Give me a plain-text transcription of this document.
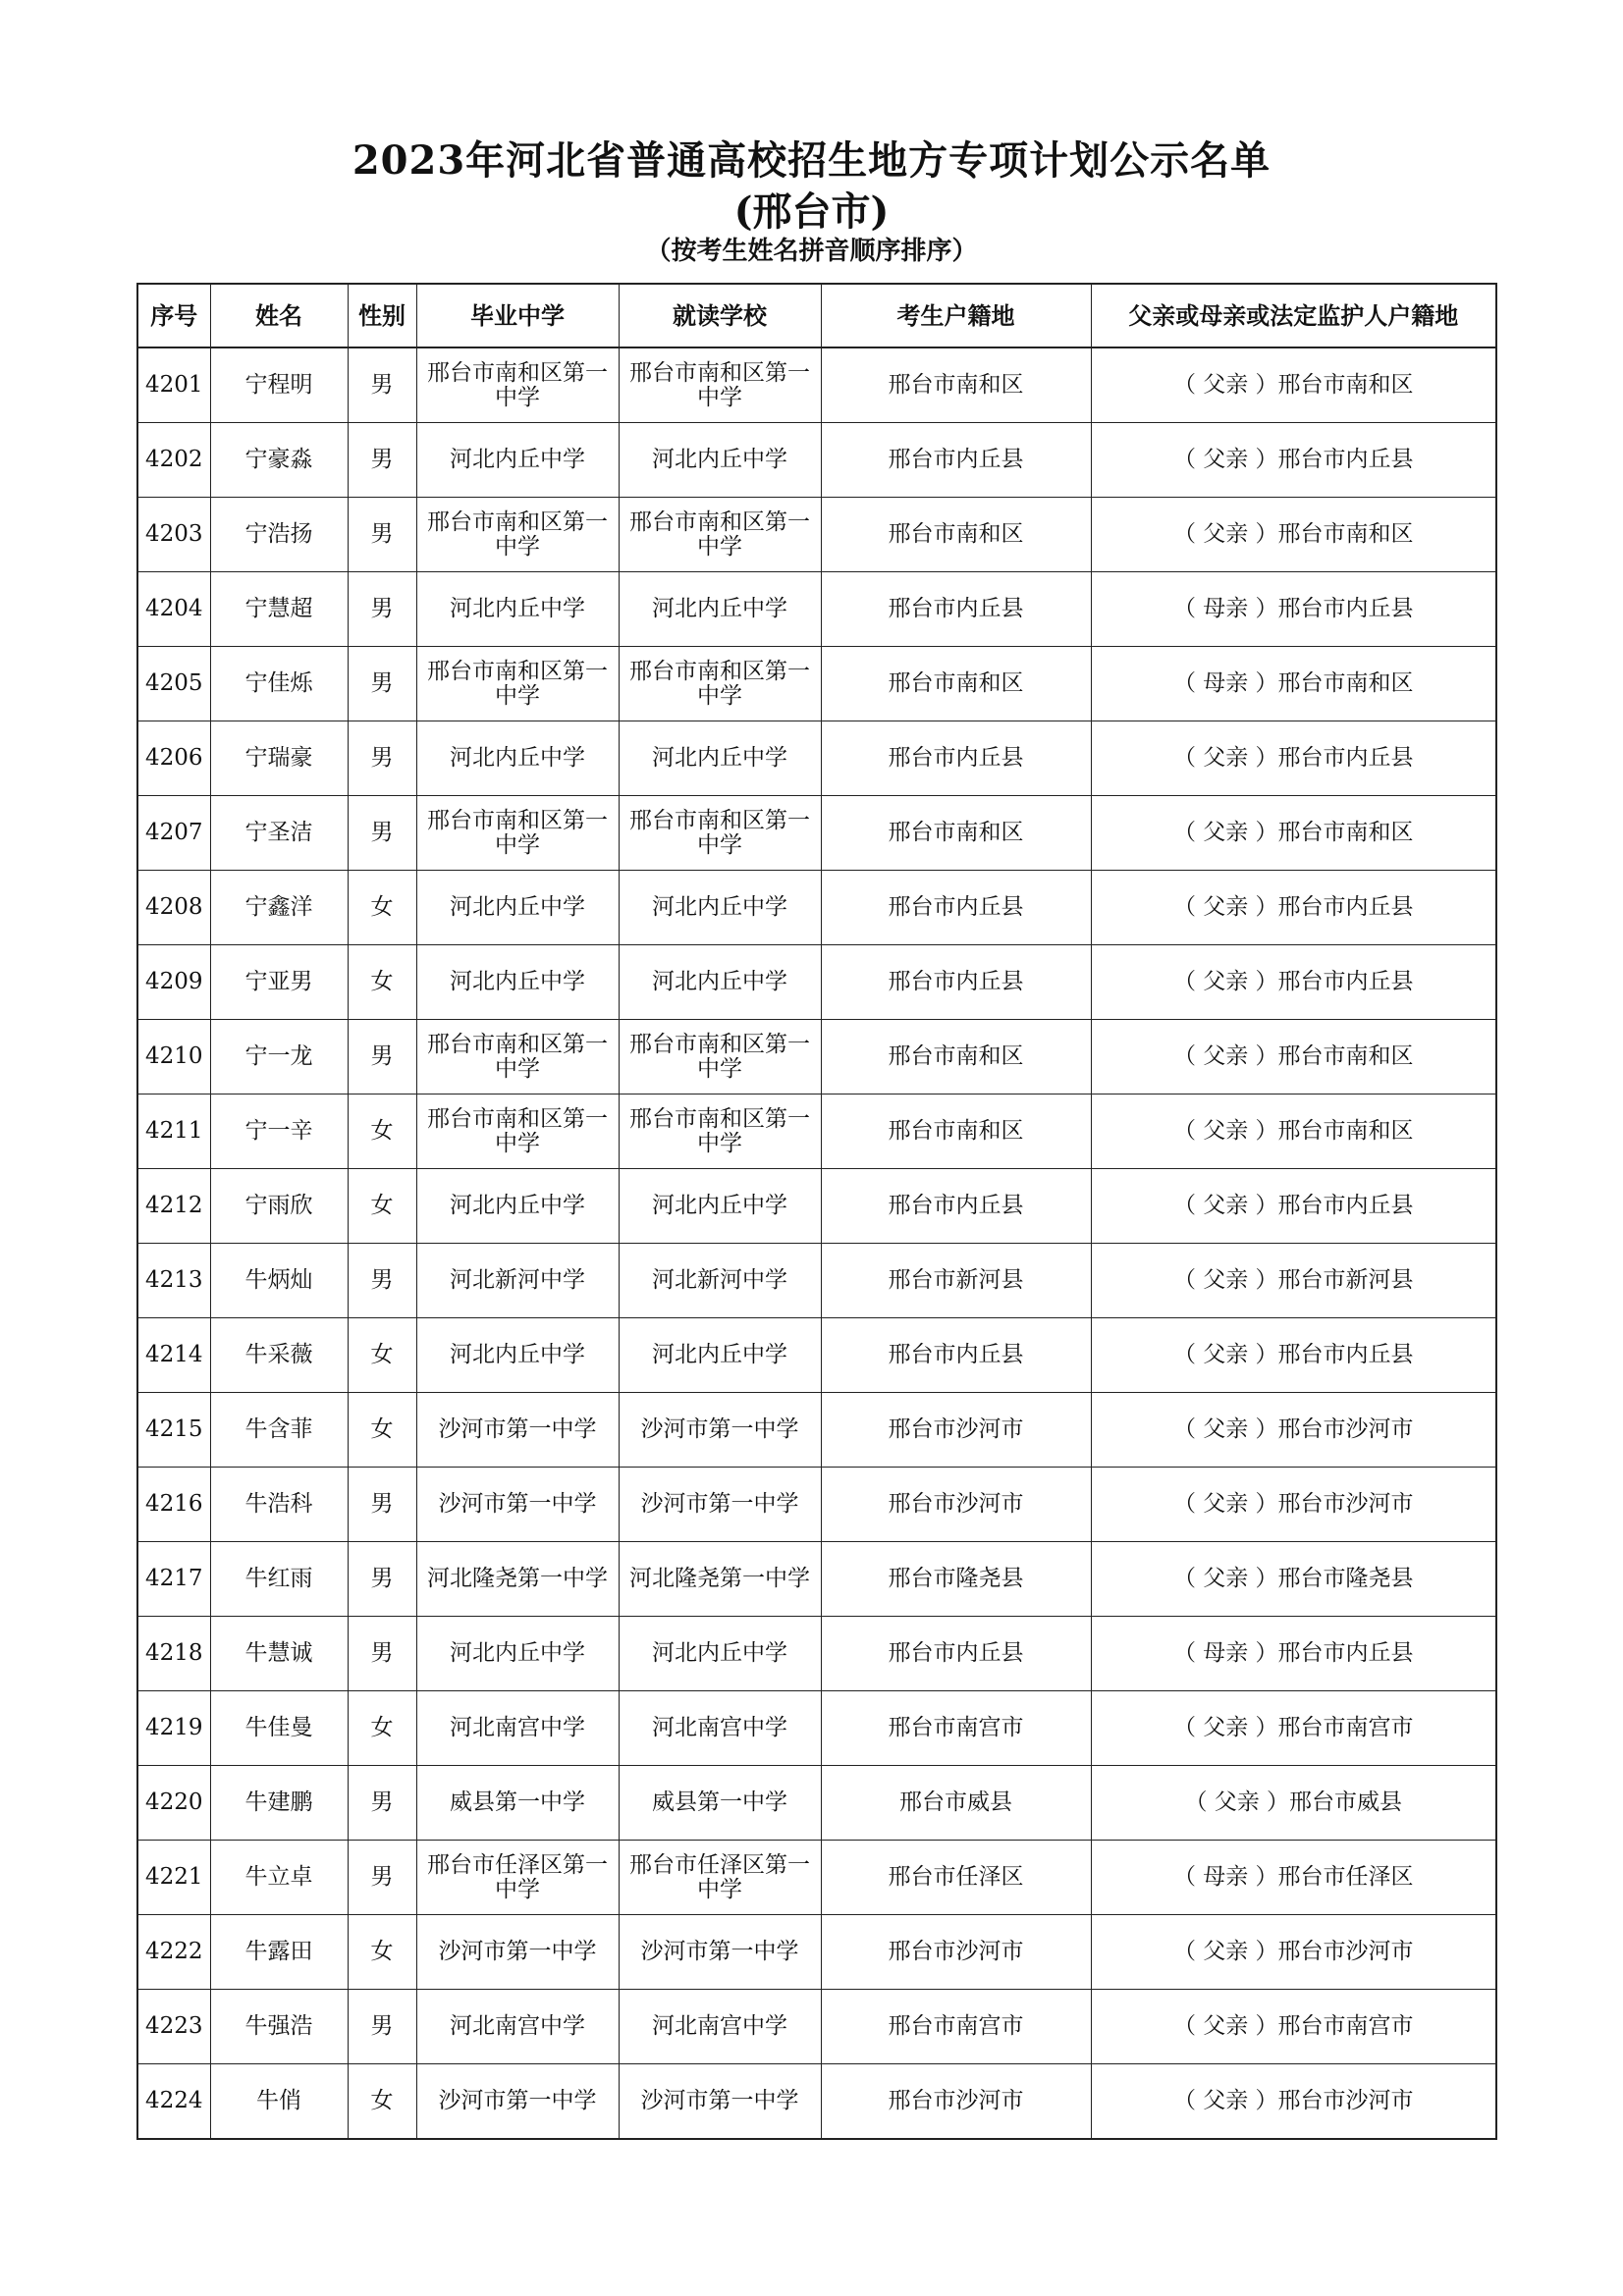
2023年河北省普通高校招生地方专项计划公示名单
(邢台市)
（按考生姓名拼音顺序排序）
序号	姓名	性别	毕业中学	就读学校	考生户籍地	父亲或母亲或法定监护人户籍地
4201	宁程明	男	邢台市南和区第一中学	邢台市南和区第一中学	邢台市南和区	（ 父亲 ）邢台市南和区
4202	宁豪淼	男	河北内丘中学	河北内丘中学	邢台市内丘县	（ 父亲 ）邢台市内丘县
4203	宁浩扬	男	邢台市南和区第一中学	邢台市南和区第一中学	邢台市南和区	（ 父亲 ）邢台市南和区
4204	宁慧超	男	河北内丘中学	河北内丘中学	邢台市内丘县	（ 母亲 ）邢台市内丘县
4205	宁佳烁	男	邢台市南和区第一中学	邢台市南和区第一中学	邢台市南和区	（ 母亲 ）邢台市南和区
4206	宁瑞豪	男	河北内丘中学	河北内丘中学	邢台市内丘县	（ 父亲 ）邢台市内丘县
4207	宁圣洁	男	邢台市南和区第一中学	邢台市南和区第一中学	邢台市南和区	（ 父亲 ）邢台市南和区
4208	宁鑫洋	女	河北内丘中学	河北内丘中学	邢台市内丘县	（ 父亲 ）邢台市内丘县
4209	宁亚男	女	河北内丘中学	河北内丘中学	邢台市内丘县	（ 父亲 ）邢台市内丘县
4210	宁一龙	男	邢台市南和区第一中学	邢台市南和区第一中学	邢台市南和区	（ 父亲 ）邢台市南和区
4211	宁一辛	女	邢台市南和区第一中学	邢台市南和区第一中学	邢台市南和区	（ 父亲 ）邢台市南和区
4212	宁雨欣	女	河北内丘中学	河北内丘中学	邢台市内丘县	（ 父亲 ）邢台市内丘县
4213	牛炳灿	男	河北新河中学	河北新河中学	邢台市新河县	（ 父亲 ）邢台市新河县
4214	牛采薇	女	河北内丘中学	河北内丘中学	邢台市内丘县	（ 父亲 ）邢台市内丘县
4215	牛含菲	女	沙河市第一中学	沙河市第一中学	邢台市沙河市	（ 父亲 ）邢台市沙河市
4216	牛浩科	男	沙河市第一中学	沙河市第一中学	邢台市沙河市	（ 父亲 ）邢台市沙河市
4217	牛红雨	男	河北隆尧第一中学	河北隆尧第一中学	邢台市隆尧县	（ 父亲 ）邢台市隆尧县
4218	牛慧诚	男	河北内丘中学	河北内丘中学	邢台市内丘县	（ 母亲 ）邢台市内丘县
4219	牛佳曼	女	河北南宫中学	河北南宫中学	邢台市南宫市	（ 父亲 ）邢台市南宫市
4220	牛建鹏	男	威县第一中学	威县第一中学	邢台市威县	（ 父亲 ）邢台市威县
4221	牛立卓	男	邢台市任泽区第一中学	邢台市任泽区第一中学	邢台市任泽区	（ 母亲 ）邢台市任泽区
4222	牛露田	女	沙河市第一中学	沙河市第一中学	邢台市沙河市	（ 父亲 ）邢台市沙河市
4223	牛强浩	男	河北南宫中学	河北南宫中学	邢台市南宫市	（ 父亲 ）邢台市南宫市
4224	牛俏	女	沙河市第一中学	沙河市第一中学	邢台市沙河市	（ 父亲 ）邢台市沙河市
